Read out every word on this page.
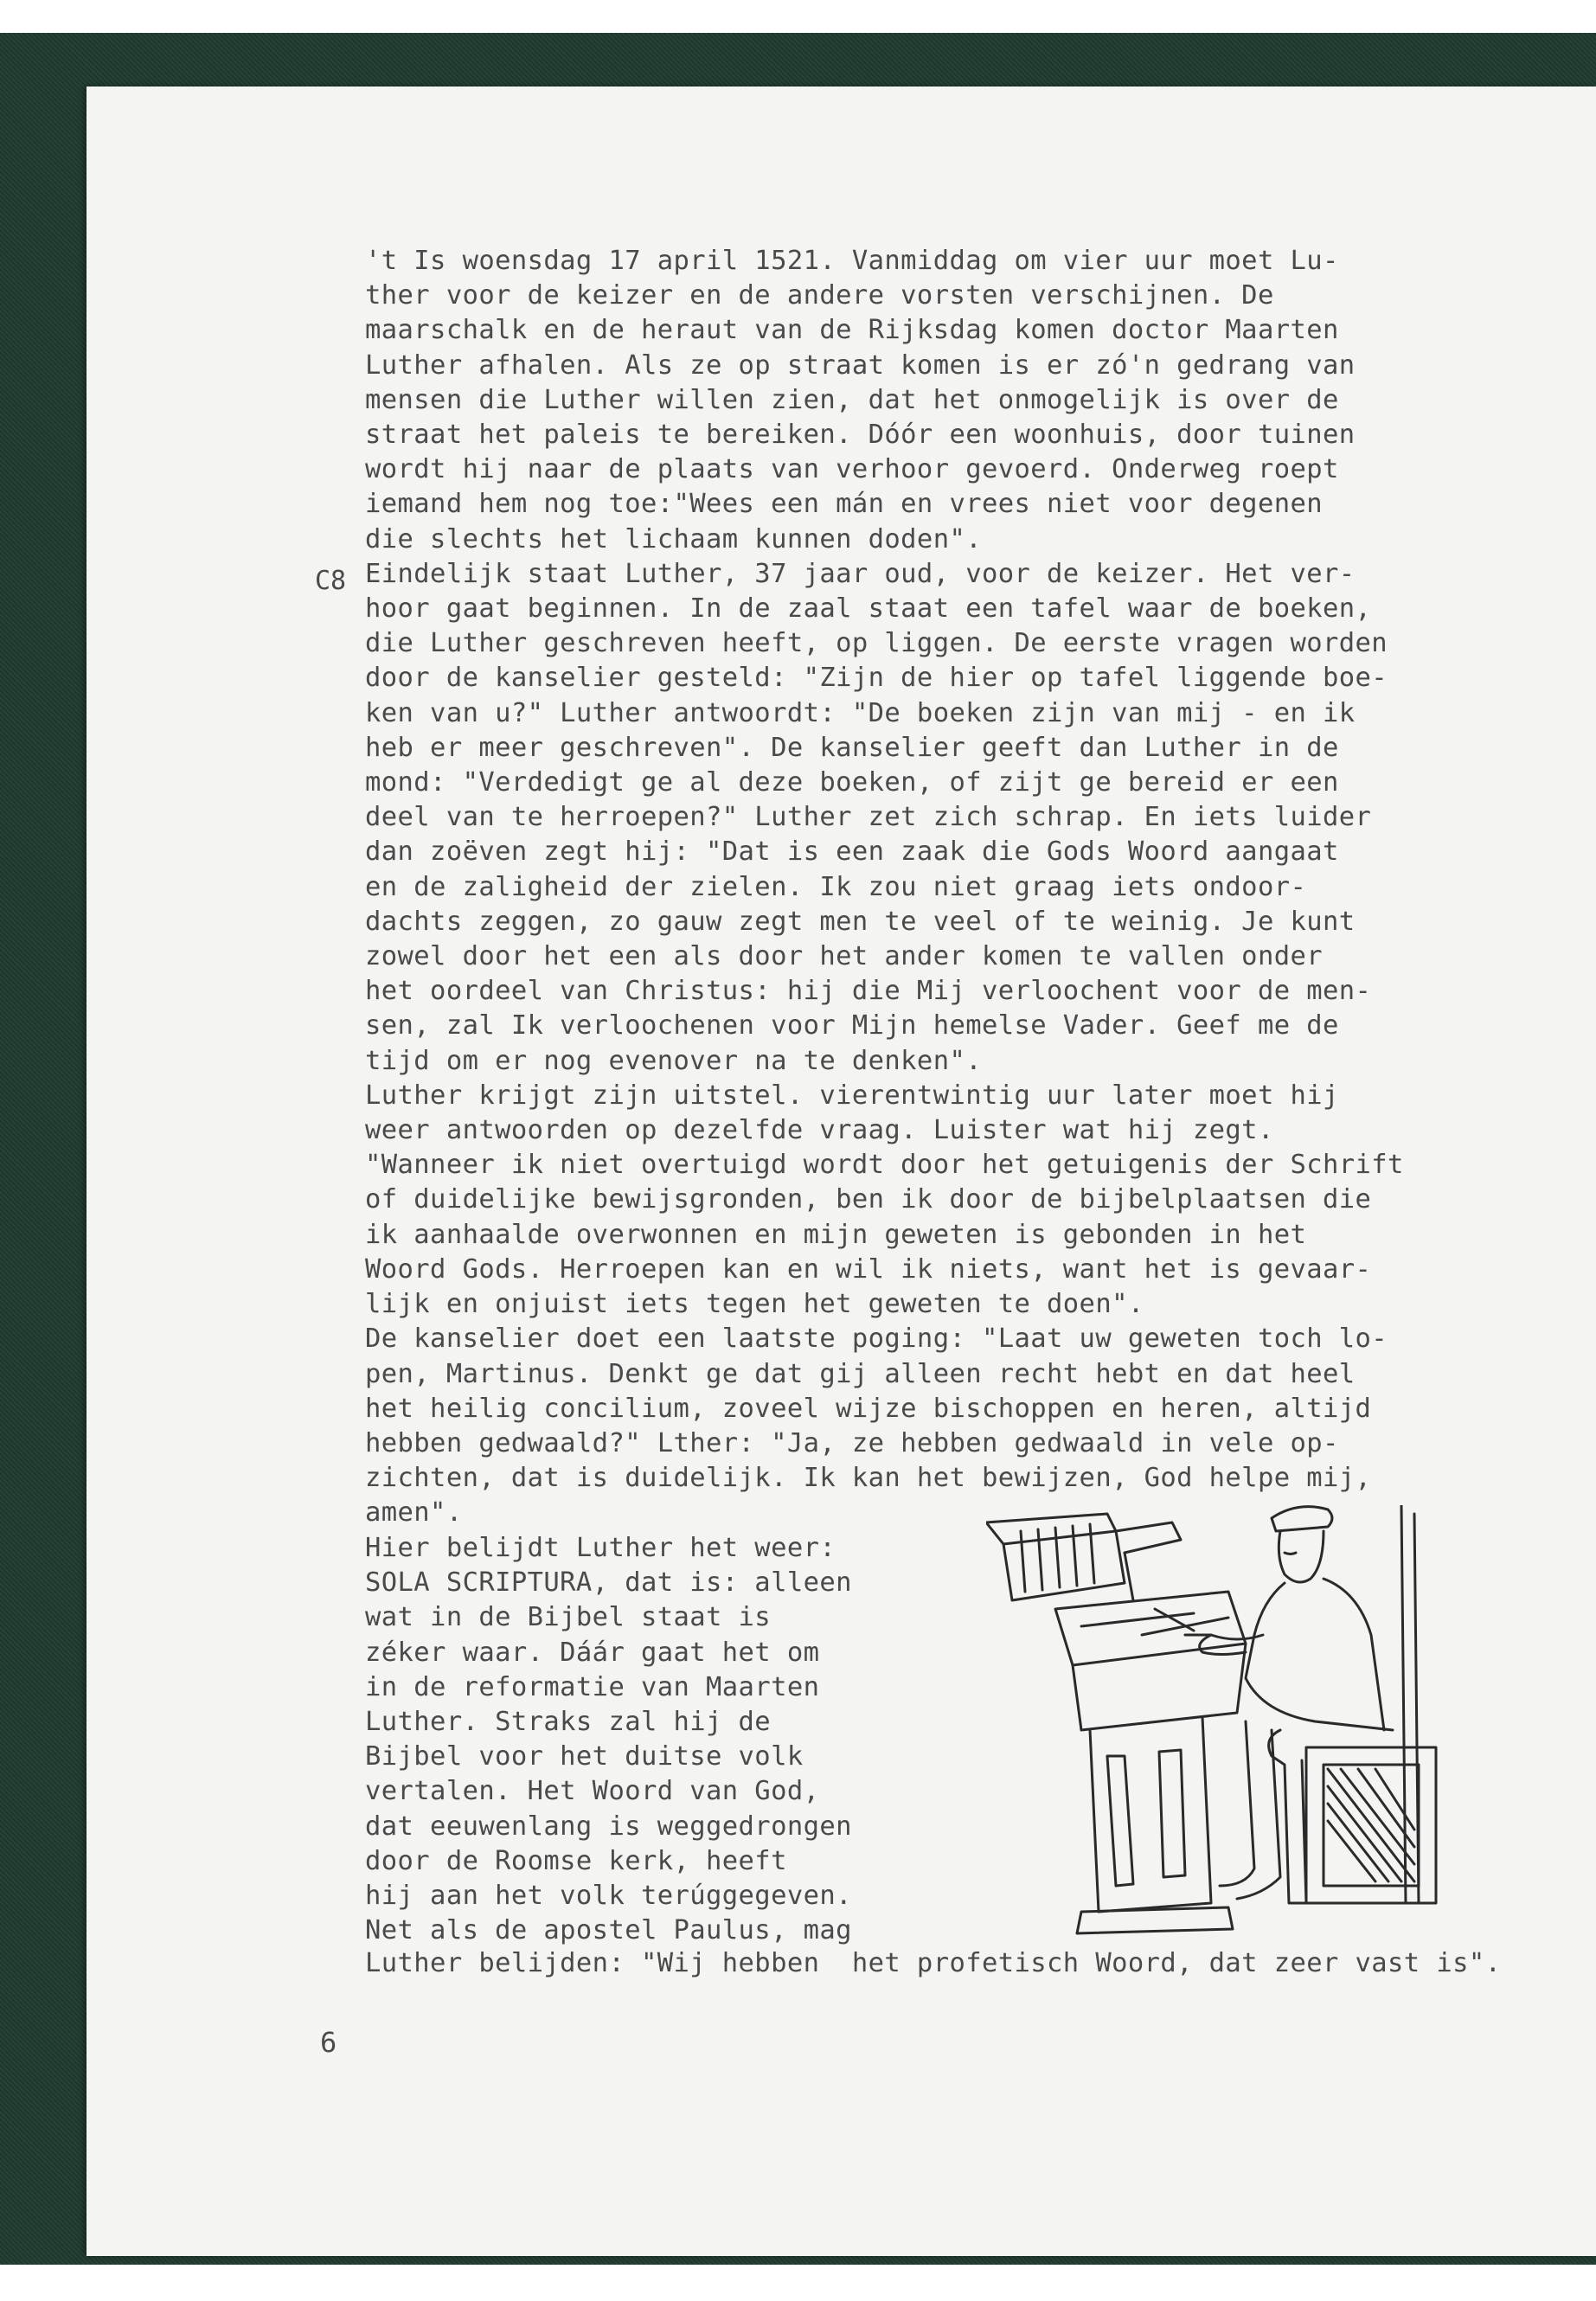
C8
't Is woensdag 17 april 1521. Vanmiddag om vier uur moet Lu-
ther voor de keizer en de andere vorsten verschijnen. De
maarschalk en de heraut van de Rijksdag komen doctor Maarten
Luther afhalen. Als ze op straat komen is er zó'n gedrang van
mensen die Luther willen zien, dat het onmogelijk is over de
straat het paleis te bereiken. Dóór een woonhuis, door tuinen
wordt hij naar de plaats van verhoor gevoerd. Onderweg roept
iemand hem nog toe:"Wees een mán en vrees niet voor degenen
die slechts het lichaam kunnen doden".
Eindelijk staat Luther, 37 jaar oud, voor de keizer. Het ver-
hoor gaat beginnen. In de zaal staat een tafel waar de boeken,
die Luther geschreven heeft, op liggen. De eerste vragen worden
door de kanselier gesteld: "Zijn de hier op tafel liggende boe-
ken van u?" Luther antwoordt: "De boeken zijn van mij - en ik
heb er meer geschreven". De kanselier geeft dan Luther in de
mond: "Verdedigt ge al deze boeken, of zijt ge bereid er een
deel van te herroepen?" Luther zet zich schrap. En iets luider
dan zoëven zegt hij: "Dat is een zaak die Gods Woord aangaat
en de zaligheid der zielen. Ik zou niet graag iets ondoor-
dachts zeggen, zo gauw zegt men te veel of te weinig. Je kunt
zowel door het een als door het ander komen te vallen onder
het oordeel van Christus: hij die Mij verloochent voor de men-
sen, zal Ik verloochenen voor Mijn hemelse Vader. Geef me de
tijd om er nog evenover na te denken".
Luther krijgt zijn uitstel. vierentwintig uur later moet hij
weer antwoorden op dezelfde vraag. Luister wat hij zegt.
"Wanneer ik niet overtuigd wordt door het getuigenis der Schrift
of duidelijke bewijsgronden, ben ik door de bijbelplaatsen die
ik aanhaalde overwonnen en mijn geweten is gebonden in het
Woord Gods. Herroepen kan en wil ik niets, want het is gevaar-
lijk en onjuist iets tegen het geweten te doen".
De kanselier doet een laatste poging: "Laat uw geweten toch lo-
pen, Martinus. Denkt ge dat gij alleen recht hebt en dat heel
het heilig concilium, zoveel wijze bischoppen en heren, altijd
hebben gedwaald?" Lther: "Ja, ze hebben gedwaald in vele op-
zichten, dat is duidelijk. Ik kan het bewijzen, God helpe mij,
amen".
Hier belijdt Luther het weer:
SOLA SCRIPTURA, dat is: alleen
wat in de Bijbel staat is
zéker waar. Dáár gaat het om
in de reformatie van Maarten
Luther. Straks zal hij de
Bijbel voor het duitse volk
vertalen. Het Woord van God,
dat eeuwenlang is weggedrongen
door de Roomse kerk, heeft
hij aan het volk terúggegeven.
Net als de apostel Paulus, mag
Luther belijden: "Wij hebben  het profetisch Woord, dat zeer vast is".
6
